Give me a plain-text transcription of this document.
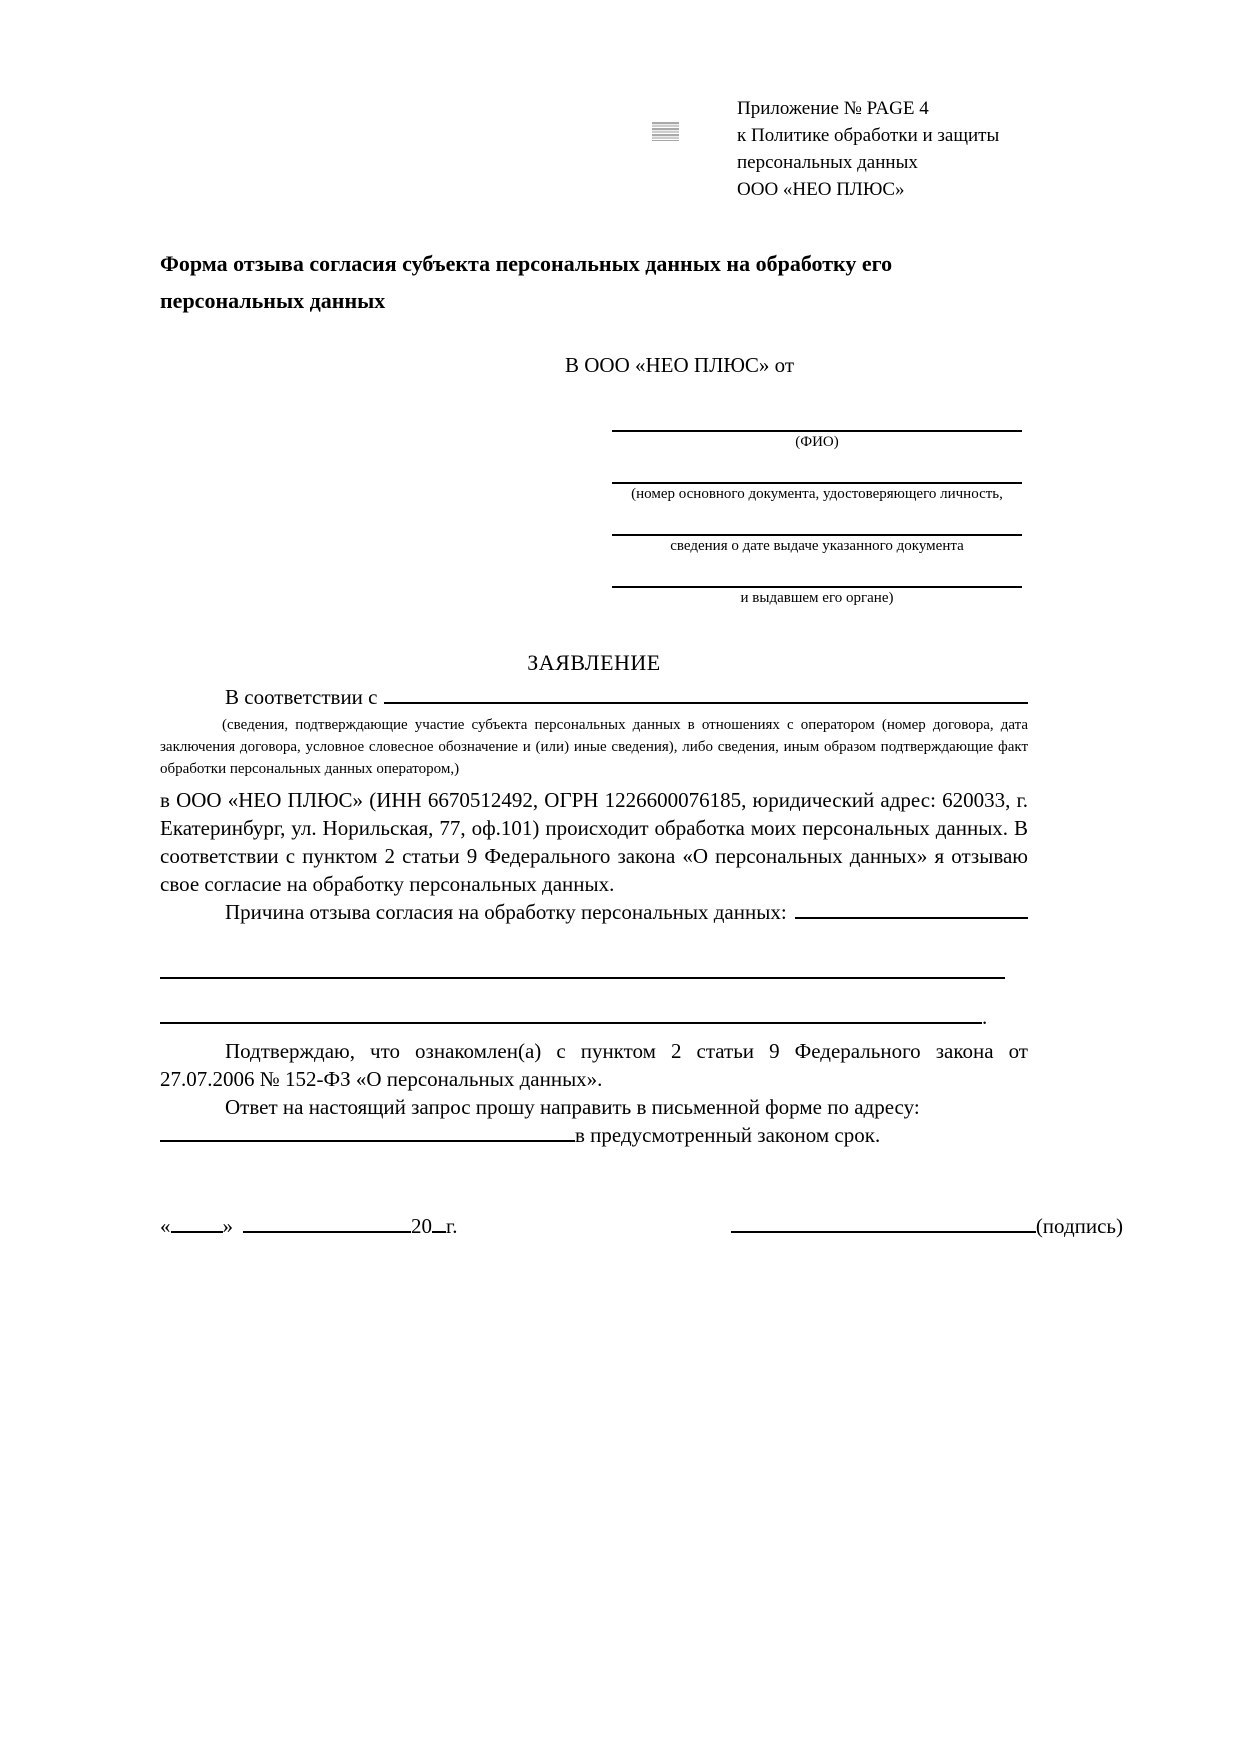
Приложение № PAGE 4
к Политике обработки и защиты
персональных данных
ООО «НЕО ПЛЮС»
Форма отзыва согласия субъекта персональных данных на обработку его
персональных данных
В ООО «НЕО ПЛЮС» от
(ФИО)
(номер основного документа, удостоверяющего личность,
сведения о дате выдаче указанного документа
и выдавшем его органе)
ЗАЯВЛЕНИЕ
В соответствии с
(сведения, подтверждающие участие субъекта персональных данных в отношениях с оператором (номер договора, дата заключения договора, условное словесное обозначение и (или) иные сведения), либо сведения, иным образом подтверждающие факт обработки персональных данных оператором,)
в ООО «НЕО ПЛЮС» (ИНН 6670512492, ОГРН 1226600076185, юридический адрес: 620033, г. Екатеринбург, ул. Норильская, 77, оф.101) происходит обработка моих персональных данных. В соответствии с пунктом 2 статьи 9 Федерального закона «О персональных данных» я отзываю свое согласие на обработку персональных данных.
Причина отзыва согласия на обработку персональных данных:
.
Подтверждаю, что ознакомлен(а) с пунктом 2 статьи 9 Федерального закона от 27.07.2006 № 152-ФЗ «О персональных данных».
Ответ на настоящий запрос прошу направить в письменной форме по адресу:
в предусмотренный законом срок.
« »	20 г.	(подпись)
